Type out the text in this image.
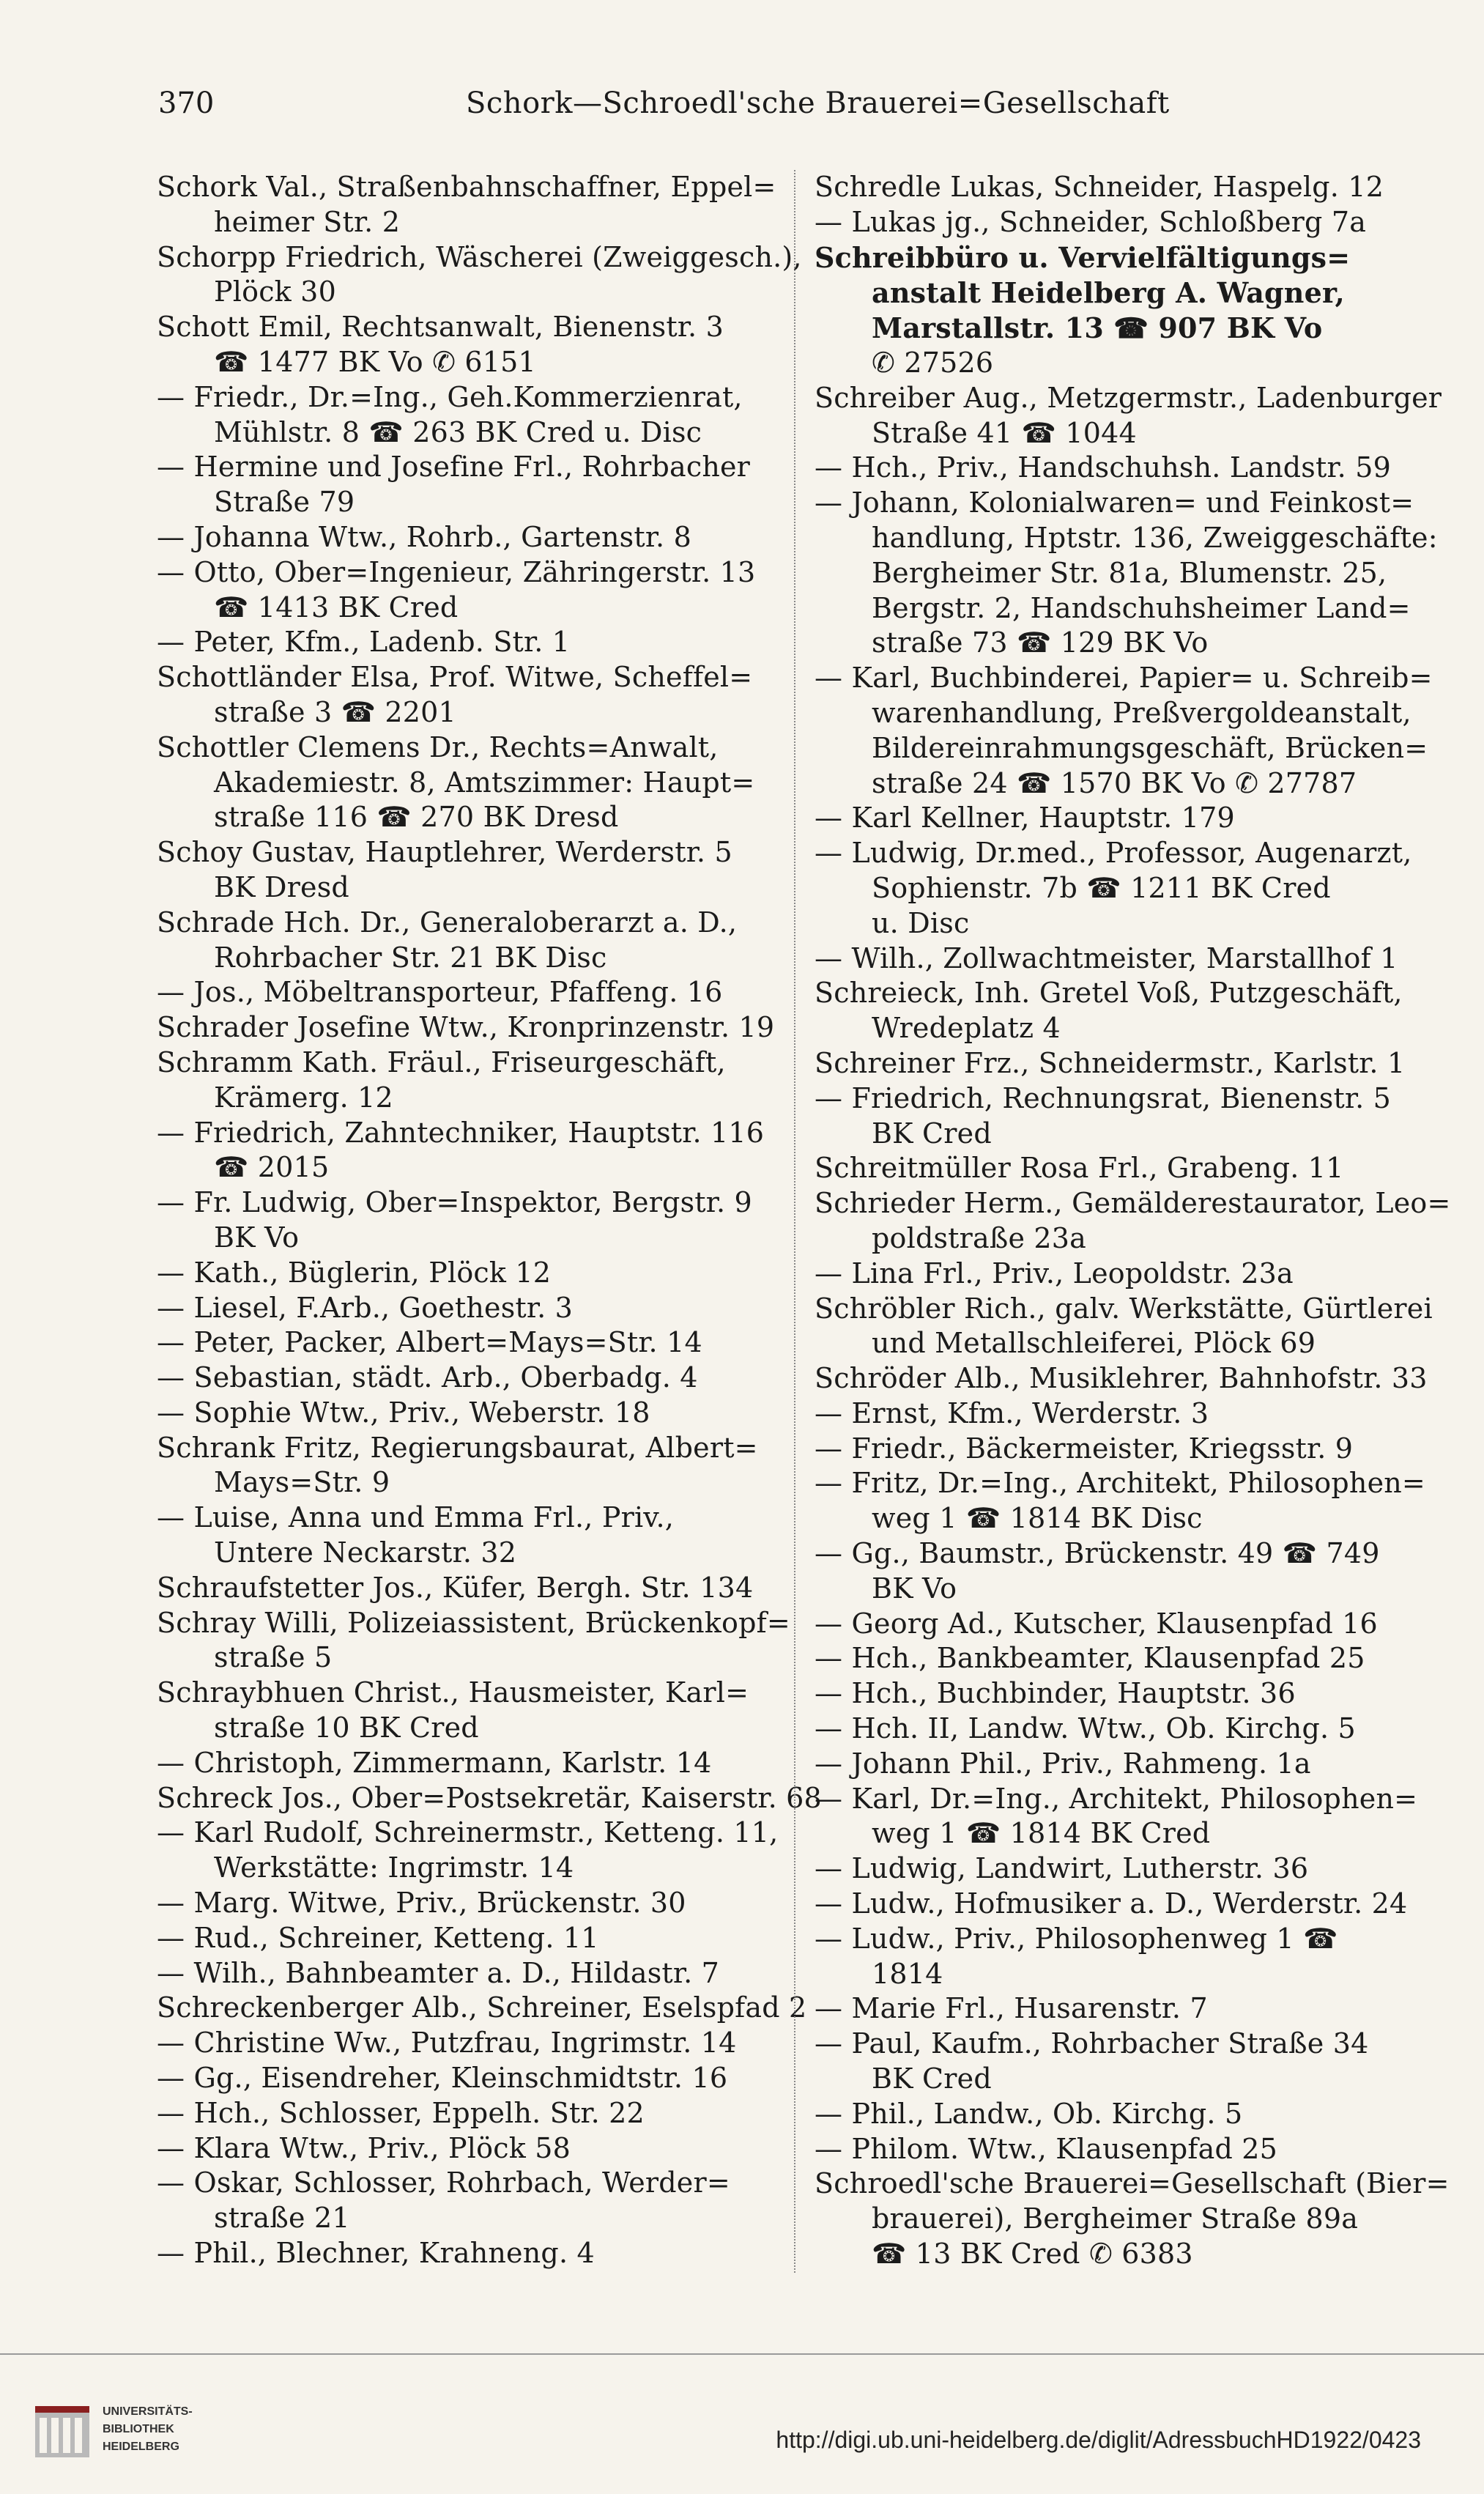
370	Schork—Schroedl'sche Brauerei=Gesellschaft
Schork Val., Straßenbahnschaffner, Eppel=
heimer Str. 2
Schorpp Friedrich, Wäscherei (Zweiggesch.),
Plöck 30
Schott Emil, Rechtsanwalt, Bienenstr. 3
☎ 1477 BK Vo ✆ 6151
— Friedr., Dr.=Ing., Geh.Kommerzienrat,
Mühlstr. 8 ☎ 263 BK Cred u. Disc
— Hermine und Josefine Frl., Rohrbacher
Straße 79
— Johanna Wtw., Rohrb., Gartenstr. 8
— Otto, Ober=Ingenieur, Zähringerstr. 13
☎ 1413 BK Cred
— Peter, Kfm., Ladenb. Str. 1
Schottländer Elsa, Prof. Witwe, Scheffel=
straße 3 ☎ 2201
Schottler Clemens Dr., Rechts=Anwalt,
Akademiestr. 8, Amtszimmer: Haupt=
straße 116 ☎ 270 BK Dresd
Schoy Gustav, Hauptlehrer, Werderstr. 5
BK Dresd
Schrade Hch. Dr., Generaloberarzt a. D.,
Rohrbacher Str. 21 BK Disc
— Jos., Möbeltransporteur, Pfaffeng. 16
Schrader Josefine Wtw., Kronprinzenstr. 19
Schramm Kath. Fräul., Friseurgeschäft,
Krämerg. 12
— Friedrich, Zahntechniker, Hauptstr. 116
☎ 2015
— Fr. Ludwig, Ober=Inspektor, Bergstr. 9
BK Vo
— Kath., Büglerin, Plöck 12
— Liesel, F.Arb., Goethestr. 3
— Peter, Packer, Albert=Mays=Str. 14
— Sebastian, städt. Arb., Oberbadg. 4
— Sophie Wtw., Priv., Weberstr. 18
Schrank Fritz, Regierungsbaurat, Albert=
Mays=Str. 9
— Luise, Anna und Emma Frl., Priv.,
Untere Neckarstr. 32
Schraufstetter Jos., Küfer, Bergh. Str. 134
Schray Willi, Polizeiassistent, Brückenkopf=
straße 5
Schraybhuen Christ., Hausmeister, Karl=
straße 10 BK Cred
— Christoph, Zimmermann, Karlstr. 14
Schreck Jos., Ober=Postsekretär, Kaiserstr. 68
— Karl Rudolf, Schreinermstr., Ketteng. 11,
Werkstätte: Ingrimstr. 14
— Marg. Witwe, Priv., Brückenstr. 30
— Rud., Schreiner, Ketteng. 11
— Wilh., Bahnbeamter a. D., Hildastr. 7
Schreckenberger Alb., Schreiner, Eselspfad 2
— Christine Ww., Putzfrau, Ingrimstr. 14
— Gg., Eisendreher, Kleinschmidtstr. 16
— Hch., Schlosser, Eppelh. Str. 22
— Klara Wtw., Priv., Plöck 58
— Oskar, Schlosser, Rohrbach, Werder=
straße 21
— Phil., Blechner, Krahneng. 4
Schredle Lukas, Schneider, Haspelg. 12
— Lukas jg., Schneider, Schloßberg 7a
Schreibbüro u. Vervielfältigungs=
anstalt Heidelberg A. Wagner,
Marstallstr. 13 ☎ 907 BK Vo
✆ 27526
Schreiber Aug., Metzgermstr., Ladenburger
Straße 41 ☎ 1044
— Hch., Priv., Handschuhsh. Landstr. 59
— Johann, Kolonialwaren= und Feinkost=
handlung, Hptstr. 136, Zweiggeschäfte:
Bergheimer Str. 81a, Blumenstr. 25,
Bergstr. 2, Handschuhsheimer Land=
straße 73 ☎ 129 BK Vo
— Karl, Buchbinderei, Papier= u. Schreib=
warenhandlung, Preßvergoldeanstalt,
Bildereinrahmungsgeschäft, Brücken=
straße 24 ☎ 1570 BK Vo ✆ 27787
— Karl Kellner, Hauptstr. 179
— Ludwig, Dr.med., Professor, Augenarzt,
Sophienstr. 7b ☎ 1211 BK Cred
u. Disc
— Wilh., Zollwachtmeister, Marstallhof 1
Schreieck, Inh. Gretel Voß, Putzgeschäft,
Wredeplatz 4
Schreiner Frz., Schneidermstr., Karlstr. 1
— Friedrich, Rechnungsrat, Bienenstr. 5
BK Cred
Schreitmüller Rosa Frl., Grabeng. 11
Schrieder Herm., Gemälderestaurator, Leo=
poldstraße 23a
— Lina Frl., Priv., Leopoldstr. 23a
Schröbler Rich., galv. Werkstätte, Gürtlerei
und Metallschleiferei, Plöck 69
Schröder Alb., Musiklehrer, Bahnhofstr. 33
— Ernst, Kfm., Werderstr. 3
— Friedr., Bäckermeister, Kriegsstr. 9
— Fritz, Dr.=Ing., Architekt, Philosophen=
weg 1 ☎ 1814 BK Disc
— Gg., Baumstr., Brückenstr. 49 ☎ 749
BK Vo
— Georg Ad., Kutscher, Klausenpfad 16
— Hch., Bankbeamter, Klausenpfad 25
— Hch., Buchbinder, Hauptstr. 36
— Hch. II, Landw. Wtw., Ob. Kirchg. 5
— Johann Phil., Priv., Rahmeng. 1a
— Karl, Dr.=Ing., Architekt, Philosophen=
weg 1 ☎ 1814 BK Cred
— Ludwig, Landwirt, Lutherstr. 36
— Ludw., Hofmusiker a. D., Werderstr. 24
— Ludw., Priv., Philosophenweg 1 ☎
1814
— Marie Frl., Husarenstr. 7
— Paul, Kaufm., Rohrbacher Straße 34
BK Cred
— Phil., Landw., Ob. Kirchg. 5
— Philom. Wtw., Klausenpfad 25
Schroedl'sche Brauerei=Gesellschaft (Bier=
brauerei), Bergheimer Straße 89a
☎ 13 BK Cred ✆ 6383
UNIVERSITÄTS-
BIBLIOTHEK
HEIDELBERG	http://digi.ub.uni-heidelberg.de/diglit/AdressbuchHD1922/0423
